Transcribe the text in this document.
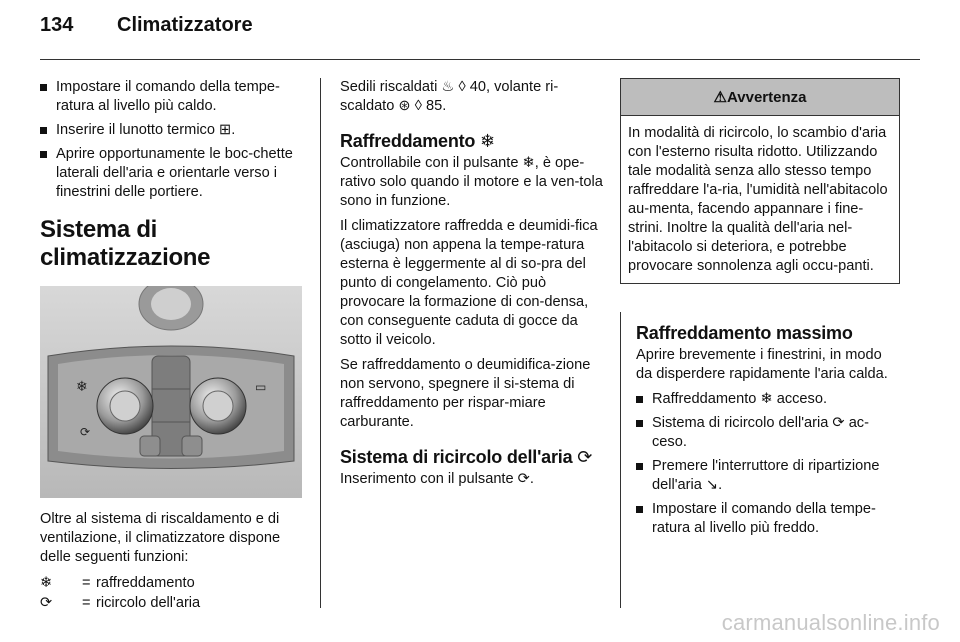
134 Climatizzatore
Impostare il comando della tempe-ratura al livello più caldo.
Inserire il lunotto termico ⊞.
Aprire opportunamente le boc-chette laterali dell'aria e orientarle verso i finestrini delle portiere.
Sistema di climatizzazione
❄
⟳
▭

Oltre al sistema di riscaldamento e di ventilazione, il climatizzatore dispone delle seguenti funzioni:

❄	= raffreddamento
⟳	= ricircolo dell'aria

Sedili riscaldati ♨ ◊ 40, volante ri-scaldato ⊛ ◊ 85.

Raffreddamento ❄

Controllabile con il pulsante ❄, è ope-rativo solo quando il motore e la ven-tola sono in funzione.

Il climatizzatore raffredda e deumidi-fica (asciuga) non appena la tempe-ratura esterna è leggermente al di so-pra del punto di congelamento. Ciò può provocare la formazione di con-densa, con conseguente caduta di gocce da sotto il veicolo.

Se raffreddamento o deumidifica-zione non servono, spegnere il si-stema di raffreddamento per rispar-miare carburante.

Sistema di ricircolo dell'aria ⟳

Inserimento con il pulsante ⟳.

⚠ Avvertenza
In modalità di ricircolo, lo scambio d'aria con l'esterno risulta ridotto. Utilizzando tale modalità senza allo stesso tempo raffreddare l'a-ria, l'umidità nell'abitacolo au-menta, facendo appannare i fine-strini. Inoltre la qualità dell'aria nel-l'abitacolo si deteriora, e potrebbe provocare sonnolenza agli occu-panti.
Raffreddamento massimo

Aprire brevemente i finestrini, in modo da disperdere rapidamente l'aria calda.

Raffreddamento ❄ acceso.
Sistema di ricircolo dell'aria ⟳ ac-ceso.
Premere l'interruttore di ripartizione dell'aria ↘.
Impostare il comando della tempe-ratura al livello più freddo.
carmanualsonline.info
